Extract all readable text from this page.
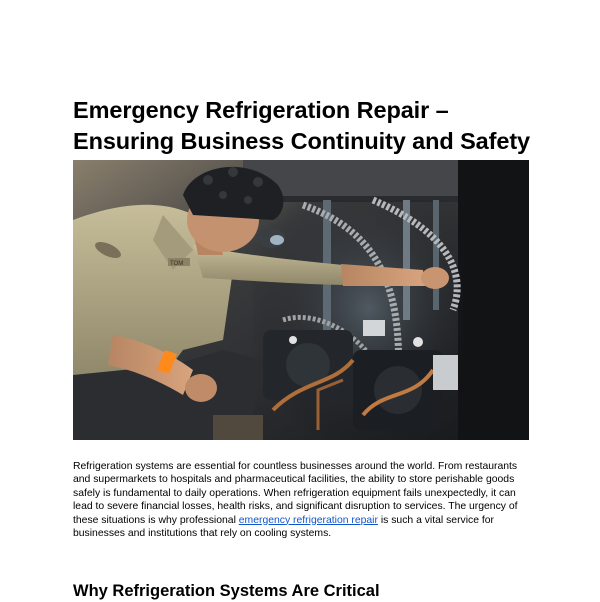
Emergency Refrigeration Repair –
Ensuring Business Continuity and Safety
TOM

Refrigeration systems are essential for countless businesses around the world. From restaurants and supermarkets to hospitals and pharmaceutical facilities, the ability to store perishable goods safely is fundamental to daily operations. When refrigeration equipment fails unexpectedly, it can lead to severe financial losses, health risks, and significant disruption to services. The urgency of these situations is why professional emergency refrigeration repair is such a vital service for businesses and institutions that rely on cooling systems.

Why Refrigeration Systems Are Critical
